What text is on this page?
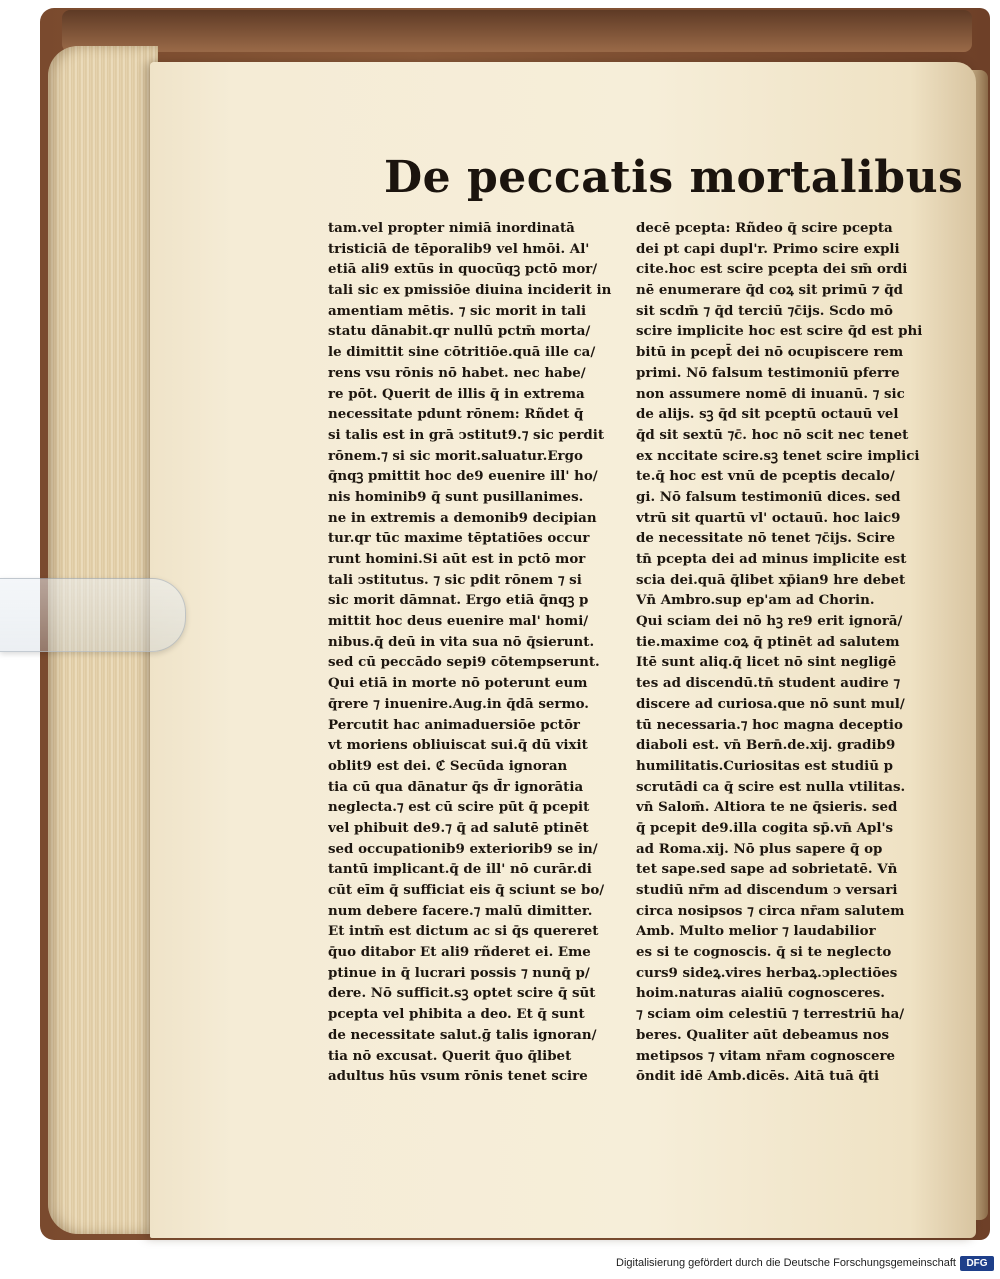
De peccatis mortalibus
tam.vel propter nimiā inordinatā
tristiciā de tēporalib9 vel hmōi. Al'
etiā ali9 extūs in quocūqꝫ pctō mor/
tali sic ex pmissiōe diuina inciderit in
amentiam mētis. ⁊ sic morit in tali
statu dānabit.qr nullū pctm̄ morta/
le dimittit sine cōtritiōe.quā ille ca/
rens vsu rōnis nō habet. nec habe/
re pōt. Querit de illis q̄ in extrema
necessitate pdunt rōnem: Rñdet q̄
si talis est in grā ↄstitut9.⁊ sic perdit
rōnem.⁊ si sic morit.saluatur.Ergo
q̄nqꝫ pmittit hoc de9 euenire ill' ho/
nis hominib9 q̄ sunt pusillanimes.
ne in extremis a demonib9 decipian
tur.qr tūc maxime tēptatiōes occur
runt homini.Si aūt est in pctō mor
tali ↄstitutus. ⁊ sic pdit rōnem ⁊ si
sic morit dāmnat. Ergo etiā q̄nqꝫ p
mittit hoc deus euenire mal' homi/
nibus.q̄ deū in vita sua nō q̄sierunt.
sed cū peccādo sepi9 cōtempserunt.
Qui etiā in morte nō poterunt eum
q̄rere ⁊ inuenire.Aug.in q̄dā sermo.
Percutit hac animaduersiōe pctōr
vt moriens obliuiscat sui.q̄ dū vixit
oblit9 est dei. ℭ Secūda ignoran
tia cū qua dānatur q̄s d̄r ignorātia
neglecta.⁊ est cū scire pūt q̄ pcepit
vel phibuit de9.⁊ q̄ ad salutē ptinēt
sed occupationib9 exteriorib9 se in/
tantū implicant.q̄ de ill' nō curār.di
cūt eīm q̄ sufficiat eis q̄ sciunt se bo/
num debere facere.⁊ malū dimitter.
Et intm̄ est dictum ac si q̄s quereret
q̄uo ditabor Et ali9 rñderet ei. Eme
ptinue in q̄ lucrari possis ⁊ nunq̄ p/
dere. Nō sufficit.sꝫ optet scire q̄ sūt
pcepta vel phibita a deo. Et q̄ sunt
de necessitate salut.ḡ talis ignoran/
tia nō excusat. Querit q̄uo q̄libet
adultus hūs vsum rōnis tenet scire
decē pcepta: Rñdeo q̄ scire pcepta
dei pt capi dupl'r. Primo scire expli
cite.hoc est scire pcepta dei sm̄ ordi
nē enumerare q̄d coꝝ sit primū ⁊ q̄d
sit scdm̄ ⁊ q̄d terciū ⁊c̄ijs. Scdo mō
scire implicite hoc est scire q̄d est phi
bitū in pcept̄ dei nō ocupiscere rem
primi. Nō falsum testimoniū pferre
non assumere nomē di inuanū. ⁊ sic
de alijs. sꝫ q̄d sit pceptū octauū vel
q̄d sit sextū ⁊c̄. hoc nō scit nec tenet
ex nccitate scire.sꝫ tenet scire implici
te.q̄ hoc est vnū de pceptis decalo/
gi. Nō falsum testimoniū dices. sed
vtrū sit quartū vl' octauū. hoc laic9
de necessitate nō tenet ⁊c̄ijs. Scire
tn̄ pcepta dei ad minus implicite est
scia dei.quā q̄libet xp̄ian9 hre debet
Vn̄ Ambro.sup ep'am ad Chorin.
Qui sciam dei nō hꝫ re9 erit ignorā/
tie.maxime coꝝ q̄ ptinēt ad salutem
Itē sunt aliq.q̄ licet nō sint negligē
tes ad discendū.tn̄ student audire ⁊
discere ad curiosa.que nō sunt mul/
tū necessaria.⁊ hoc magna deceptio
diaboli est. vn̄ Bern̄.de.xij. gradib9
humilitatis.Curiositas est studiū p
scrutādi ca q̄ scire est nulla vtilitas.
vn̄ Salom̄. Altiora te ne q̄sieris. sed
q̄ pcepit de9.illa cogita sp̄.vn̄ Apl's
ad Roma.xij. Nō plus sapere q̄ op
tet sape.sed sape ad sobrietatē. Vn̄
studiū nr̄m ad discendum ↄ versari
circa nosipsos ⁊ circa nr̄am salutem
Amb. Multo melior ⁊ laudabilior
es si te cognoscis. q̄ si te neglecto
curs9 sideꝝ.vires herbaꝝ.ↄplectiōes
hoim.naturas aialiū cognosceres.
⁊ sciam oim celestiū ⁊ terrestriū ha/
beres. Qualiter aūt debeamus nos
metipsos ⁊ vitam nr̄am cognoscere
ōndit idē Amb.dicēs. Aitā tuā q̄ti
Digitalisierung gefördert durch die Deutsche Forschungsgemeinschaft	DFG
